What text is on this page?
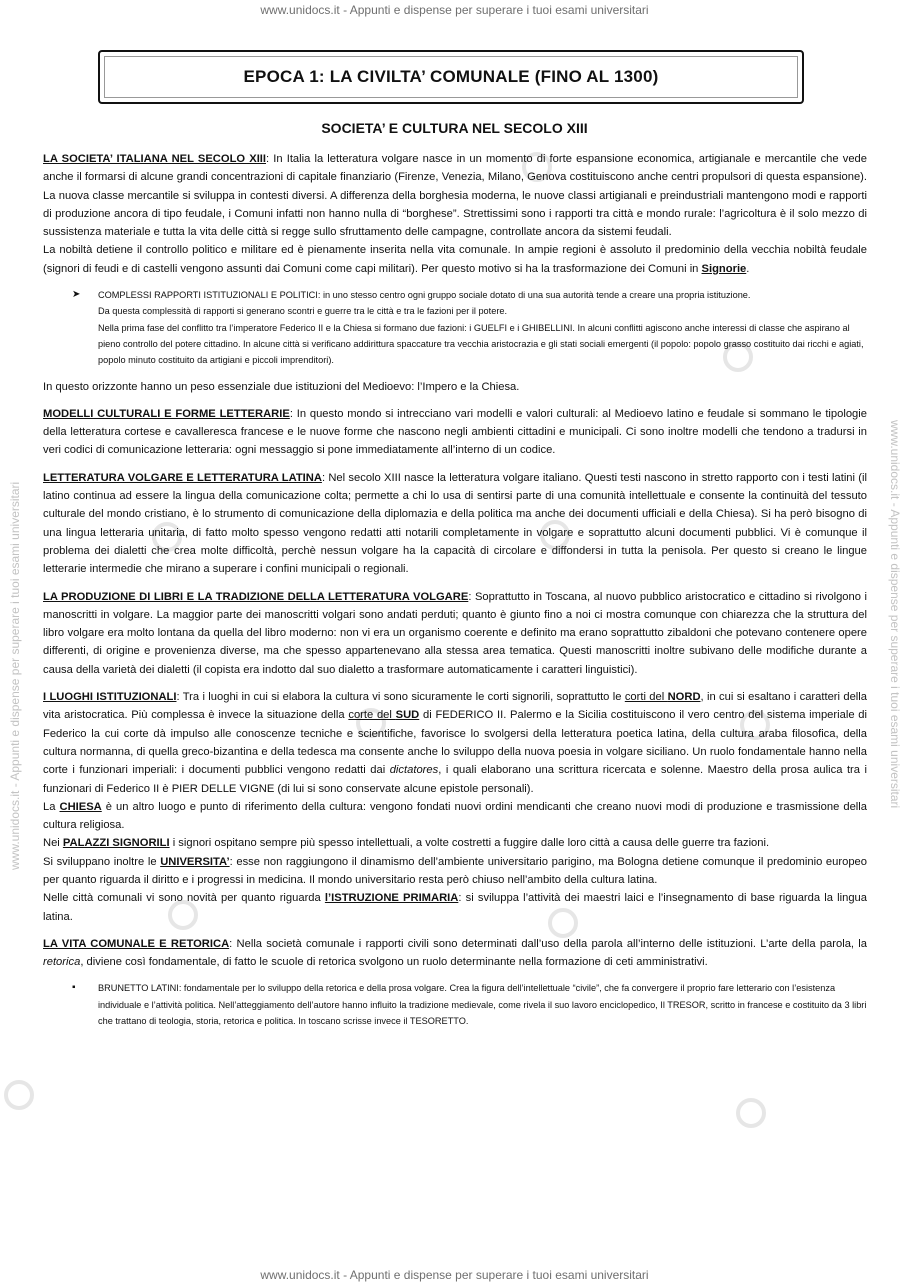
www.unidocs.it - Appunti e dispense per superare i tuoi esami universitari
www.unidocs.it - Appunti e dispense per superare i tuoi esami universitari
www.unidocs.it - Appunti e dispense per superare i tuoi esami universitari	www.unidocs.it - Appunti e dispense per superare i tuoi esami universitari
EPOCA 1: LA CIVILTA’ COMUNALE (FINO AL 1300)
SOCIETA’ E CULTURA NEL SECOLO XIII

LA SOCIETA’ ITALIANA NEL SECOLO XIII: In Italia la letteratura volgare nasce in un momento di forte espansione economica, artigianale e mercantile che vede anche il formarsi di alcune grandi concentrazioni di capitale finanziario (Firenze, Venezia, Milano, Genova costituiscono anche centri propulsori di questa espansione). La nuova classe mercantile si sviluppa in contesti diversi. A differenza della borghesia moderna, le nuove classi artigianali e preindustriali mantengono modi e rapporti di produzione ancora di tipo feudale, i Comuni infatti non hanno nulla di “borghese”. Strettissimi sono i rapporti tra città e mondo rurale: l’agricoltura è il solo mezzo di sussistenza materiale e tutta la vita delle città si regge sullo sfruttamento delle campagne, controllate ancora da sistemi feudali.
La nobiltà detiene il controllo politico e militare ed è pienamente inserita nella vita comunale. In ampie regioni è assoluto il predominio della vecchia nobiltà feudale (signori di feudi e di castelli vengono assunti dai Comuni come capi militari). Per questo motivo si ha la trasformazione dei Comuni in Signorie.

➤ COMPLESSI RAPPORTI ISTITUZIONALI E POLITICI: in uno stesso centro ogni gruppo sociale dotato di una sua autorità tende a creare una propria istituzione.
Da questa complessità di rapporti si generano scontri e guerre tra le città e tra le fazioni per il potere.
Nella prima fase del conflitto tra l’imperatore Federico II e la Chiesa si formano due fazioni: i GUELFI e i GHIBELLINI. In alcuni conflitti agiscono anche interessi di classe che aspirano al pieno controllo del potere cittadino. In alcune città si verificano addirittura spaccature tra vecchia aristocrazia e gli stati sociali emergenti (il popolo: popolo grasso costituito dai ricchi e agiati, popolo minuto costituito da artigiani e piccoli imprenditori).

In questo orizzonte hanno un peso essenziale due istituzioni del Medioevo: l’Impero e la Chiesa.

MODELLI CULTURALI E FORME LETTERARIE: In questo mondo si intrecciano vari modelli e valori culturali: al Medioevo latino e feudale si sommano le tipologie della letteratura cortese e cavalleresca francese e le nuove forme che nascono negli ambienti cittadini e municipali. Ci sono inoltre modelli che tendono a tradursi in veri codici di comunicazione letteraria: ogni messaggio si pone immediatamente all’interno di un codice.

LETTERATURA VOLGARE E LETTERATURA LATINA: Nel secolo XIII nasce la letteratura volgare italiano. Questi testi nascono in stretto rapporto con i testi latini (il latino continua ad essere la lingua della comunicazione colta; permette a chi lo usa di sentirsi parte di una comunità intellettuale e consente la continuità del tessuto culturale del mondo cristiano, è lo strumento di comunicazione della diplomazia e della politica ma anche dei documenti ufficiali e della Chiesa). Si ha però bisogno di una lingua letteraria unitaria, di fatto molto spesso vengono redatti atti notarili completamente in volgare e soprattutto alcuni documenti pubblici. Vi è comunque il problema dei dialetti che crea molte difficoltà, perchè nessun volgare ha la capacità di circolare e diffondersi in tutta la penisola. Per questo si creano le lingue letterarie intermedie che mirano a superare i confini municipali o regionali.

LA PRODUZIONE DI LIBRI E LA TRADIZIONE DELLA LETTERATURA VOLGARE: Soprattutto in Toscana, al nuovo pubblico aristocratico e cittadino si rivolgono i manoscritti in volgare. La maggior parte dei manoscritti volgari sono andati perduti; quanto è giunto fino a noi ci mostra comunque con chiarezza che la struttura del libro volgare era molto lontana da quella del libro moderno: non vi era un organismo coerente e definito ma erano soprattutto zibaldoni che potevano contenere opere differenti, di origine e provenienza diverse, ma che spesso appartenevano alla stessa area tematica. Questi manoscritti inoltre subivano delle modifiche durante a causa della varietà dei dialetti (il copista era indotto dal suo dialetto a trasformare automaticamente i caratteri linguistici).

I LUOGHI ISTITUZIONALI: Tra i luoghi in cui si elabora la cultura vi sono sicuramente le corti signorili, soprattutto le corti del NORD, in cui si esaltano i caratteri della vita aristocratica. Più complessa è invece la situazione della corte del SUD di FEDERICO II. Palermo e la Sicilia costituiscono il vero centro del sistema imperiale di Federico la cui corte dà impulso alle conoscenze tecniche e scientifiche, favorisce lo svolgersi della letteratura poetica latina, della cultura araba filosofica, della cultura normanna, di quella greco-bizantina e della tedesca ma consente anche lo sviluppo della nuova poesia in volgare siciliano. Un ruolo fondamentale hanno nella corte i funzionari imperiali: i documenti pubblici vengono redatti dai dictatores, i quali elaborano una scrittura ricercata e solenne. Maestro della prosa aulica tra i funzionari di Federico II è PIER DELLE VIGNE (di lui si sono conservate alcune epistole personali).
La CHIESA è un altro luogo e punto di riferimento della cultura: vengono fondati nuovi ordini mendicanti che creano nuovi modi di produzione e trasmissione della cultura religiosa.
Nei PALAZZI SIGNORILI i signori ospitano sempre più spesso intellettuali, a volte costretti a fuggire dalle loro città a causa delle guerre tra fazioni.
Si sviluppano inoltre le UNIVERSITA’: esse non raggiungono il dinamismo dell’ambiente universitario parigino, ma Bologna detiene comunque il predominio europeo per quanto riguarda il diritto e i progressi in medicina. Il mondo universitario resta però chiuso nell’ambito della cultura latina.
Nelle città comunali vi sono novità per quanto riguarda l’ISTRUZIONE PRIMARIA: si sviluppa l’attività dei maestri laici e l’insegnamento di base riguarda la lingua latina.

LA VITA COMUNALE E RETORICA: Nella società comunale i rapporti civili sono determinati dall’uso della parola all’interno delle istituzioni. L’arte della parola, la retorica, diviene così fondamentale, di fatto le scuole di retorica svolgono un ruolo determinante nella formazione di ceti amministrativi.

▪ BRUNETTO LATINI: fondamentale per lo sviluppo della retorica e della prosa volgare. Crea la figura dell’intellettuale “civile”, che fa convergere il proprio fare letterario con l’esistenza individuale e l’attività politica. Nell’atteggiamento dell’autore hanno influito la tradizione medievale, come rivela il suo lavoro enciclopedico, Il TRESOR, scritto in francese e costituito da 3 libri che trattano di teologia, storia, retorica e politica. In toscano scrisse invece il TESORETTO.
